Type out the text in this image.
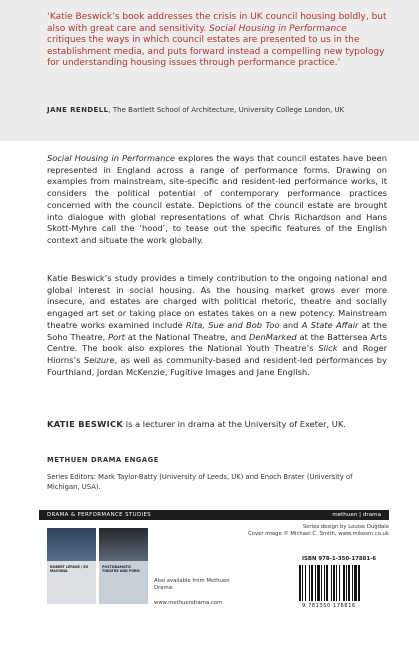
‘Katie Beswick’s book addresses the crisis in UK council housing boldly, but also with great care and sensitivity. Social Housing in Performance critiques the ways in which council estates are presented to us in the establishment media, and puts forward instead a compelling new typology for understanding housing issues through performance practice.’
JANE RENDELL, The Bartlett School of Architecture, University College London, UK
Social Housing in Performance explores the ways that council estates have been represented in England across a range of performance forms. Drawing on examples from mainstream, site-specific and resident-led performance works, it considers the political potential of contemporary performance practices concerned with the council estate. Depictions of the council estate are brought into dialogue with global representations of what Chris Richardson and Hans Skott-Myhre call the ‘hood’, to tease out the specific features of the English context and situate the work globally.
Katie Beswick’s study provides a timely contribution to the ongoing national and global interest in social housing. As the housing market grows ever more insecure, and estates are charged with political rhetoric, theatre and socially engaged art set or taking place on estates takes on a new potency. Mainstream theatre works examined include Rita, Sue and Bob Too and A State Affair at the Soho Theatre, Port at the National Theatre, and DenMarked at the Battersea Arts Centre. The book also explores the National Youth Theatre’s Slick and Roger Hiorns’s Seizure, as well as community-based and resident-led performances by Fourthland, Jordan McKenzie, Fugitive Images and Jane English.
KATIE BESWICK is a lecturer in drama at the University of Exeter, UK.
METHUEN DRAMA ENGAGE
Series Editors: Mark Taylor-Batty (University of Leeds, UK) and Enoch Brater (University of Michigan, USA).
DRAMA & PERFORMANCE STUDIES	methuen | drama
ROBERT LEPAGE / EX MACHINA
POSTDRAMATIC THEATRE AND FORM
Also available from Methuen Drama:
www.methuendrama.com
Series design by Louise Dugdale
Cover image © Michael C. Smith, www.mikesm.co.uk
ISBN 978-1-350-17881-6
9 781350 178816
